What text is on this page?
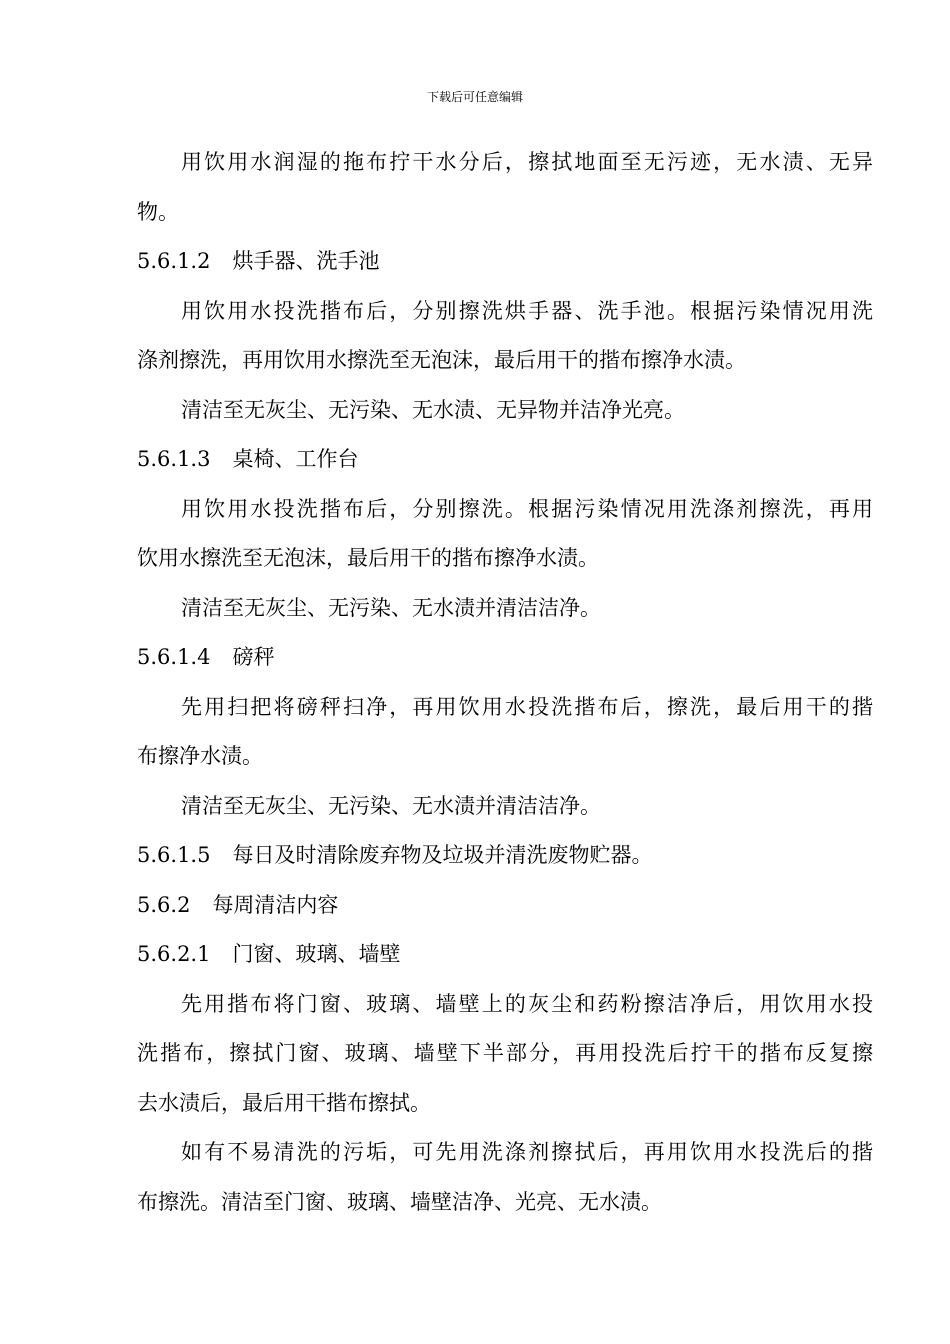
下载后可任意编辑
用饮用水润湿的拖布拧干水分后，擦拭地面至无污迹，无水渍、无异
物。
5.6.1.2 烘手器、洗手池
用饮用水投洗揩布后，分别擦洗烘手器、洗手池。根据污染情况用洗
涤剂擦洗，再用饮用水擦洗至无泡沫，最后用干的揩布擦净水渍。
清洁至无灰尘、无污染、无水渍、无异物并洁净光亮。
5.6.1.3 桌椅、工作台
用饮用水投洗揩布后，分别擦洗。根据污染情况用洗涤剂擦洗，再用
饮用水擦洗至无泡沫，最后用干的揩布擦净水渍。
清洁至无灰尘、无污染、无水渍并清洁洁净。
5.6.1.4 磅秤
先用扫把将磅秤扫净，再用饮用水投洗揩布后，擦洗，最后用干的揩
布擦净水渍。
清洁至无灰尘、无污染、无水渍并清洁洁净。
5.6.1.5 每日及时清除废弃物及垃圾并清洗废物贮器。
5.6.2 每周清洁内容
5.6.2.1 门窗、玻璃、墙壁
先用揩布将门窗、玻璃、墙壁上的灰尘和药粉擦洁净后，用饮用水投
洗揩布，擦拭门窗、玻璃、墙壁下半部分，再用投洗后拧干的揩布反复擦
去水渍后，最后用干揩布擦拭。
如有不易清洗的污垢，可先用洗涤剂擦拭后，再用饮用水投洗后的揩
布擦洗。清洁至门窗、玻璃、墙壁洁净、光亮、无水渍。
